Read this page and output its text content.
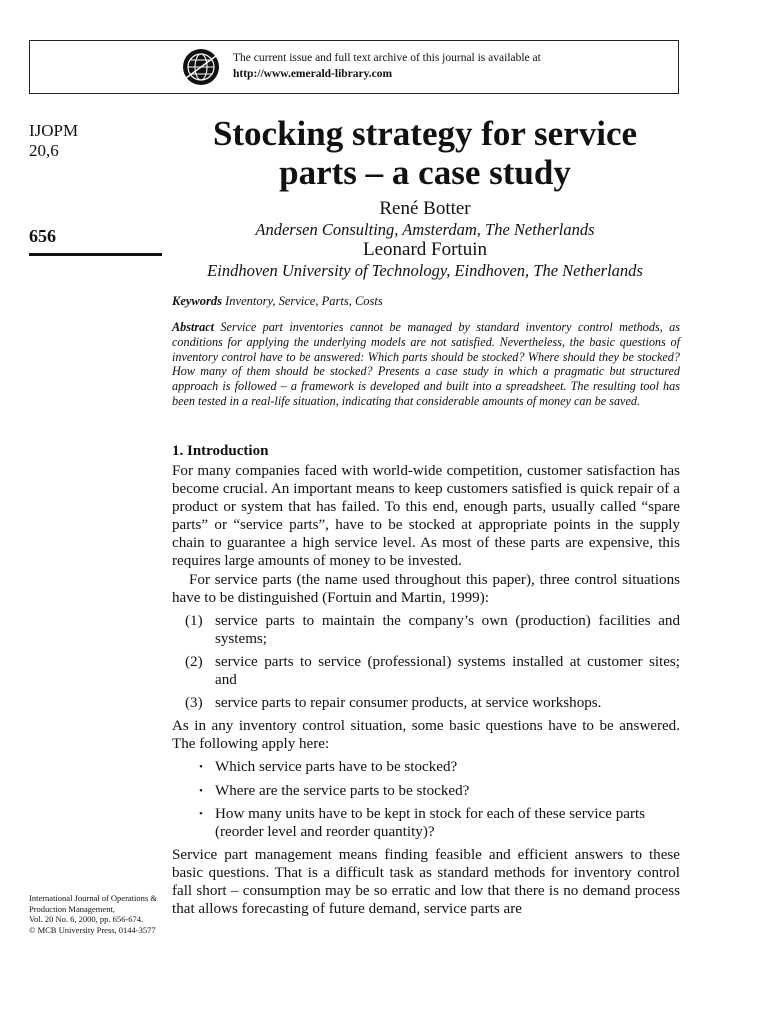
The current issue and full text archive of this journal is available at
http://www.emerald-library.com
IJOPM
20,6
656
International Journal of Operations &
Production Management,
Vol. 20 No. 6, 2000, pp. 656-674.
© MCB University Press, 0144-3577
Stocking strategy for service parts – a case study
René Botter
Andersen Consulting, Amsterdam, The Netherlands
Leonard Fortuin
Eindhoven University of Technology, Eindhoven, The Netherlands
Keywords Inventory, Service, Parts, Costs

Abstract Service part inventories cannot be managed by standard inventory control methods, as conditions for applying the underlying models are not satisfied. Nevertheless, the basic questions of inventory control have to be answered: Which parts should be stocked? Where should they be stocked? How many of them should be stocked? Presents a case study in which a pragmatic but structured approach is followed – a framework is developed and built into a spreadsheet. The resulting tool has been tested in a real-life situation, indicating that considerable amounts of money can be saved.

1. Introduction

For many companies faced with world-wide competition, customer satisfaction has become crucial. An important means to keep customers satisfied is quick repair of a product or system that has failed. To this end, enough parts, usually called “spare parts” or “service parts”, have to be stocked at appropriate points in the supply chain to guarantee a high service level. As most of these parts are expensive, this requires large amounts of money to be invested.

For service parts (the name used throughout this paper), three control situations have to be distinguished (Fortuin and Martin, 1999):

(1) service parts to maintain the company’s own (production) facilities and systems;
(2) service parts to service (professional) systems installed at customer sites; and
(3) service parts to repair consumer products, at service workshops.

As in any inventory control situation, some basic questions have to be answered. The following apply here:

• Which service parts have to be stocked?
• Where are the service parts to be stocked?
• How many units have to be kept in stock for each of these service parts (reorder level and reorder quantity)?

Service part management means finding feasible and efficient answers to these basic questions. That is a difficult task as standard methods for inventory control fall short – consumption may be so erratic and low that there is no demand process that allows forecasting of future demand, service parts are
